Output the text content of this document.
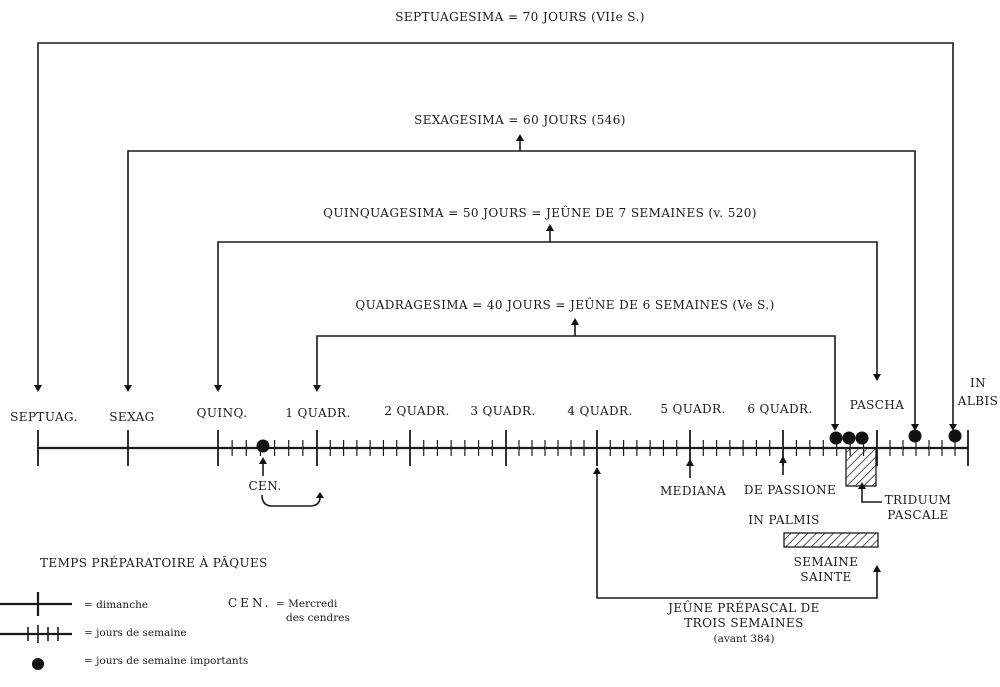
SEPTUAGESIMA = 70 JOURS (VIIe S.)
SEXAGESIMA = 60 JOURS (546)
QUINQUAGESIMA = 50 JOURS = JEÛNE DE 7 SEMAINES (v. 520)
QUADRAGESIMA = 40 JOURS = JEÛNE DE 6 SEMAINES (Ve S.)
SEPTUAG.	SEXAG	QUINQ.	1 QUADR.	2 QUADR. 3 QUADR.	4 QUADR. 5 QUADR. 6 QUADR.	PASCHA
IN
ALBIS
CEN.	MEDIANA DE PASSIONE
IN PALMIS
TRIDUUM
PASCALE
SEMAINE
SAINTE
JEÛNE PRÉPASCAL DE
TROIS SEMAINES
(avant 384)
TEMPS PRÉPARATOIRE À PÂQUES
= dimanche
= jours de semaine
= jours de semaine importants
CEN. = Mercredi
des cendres
